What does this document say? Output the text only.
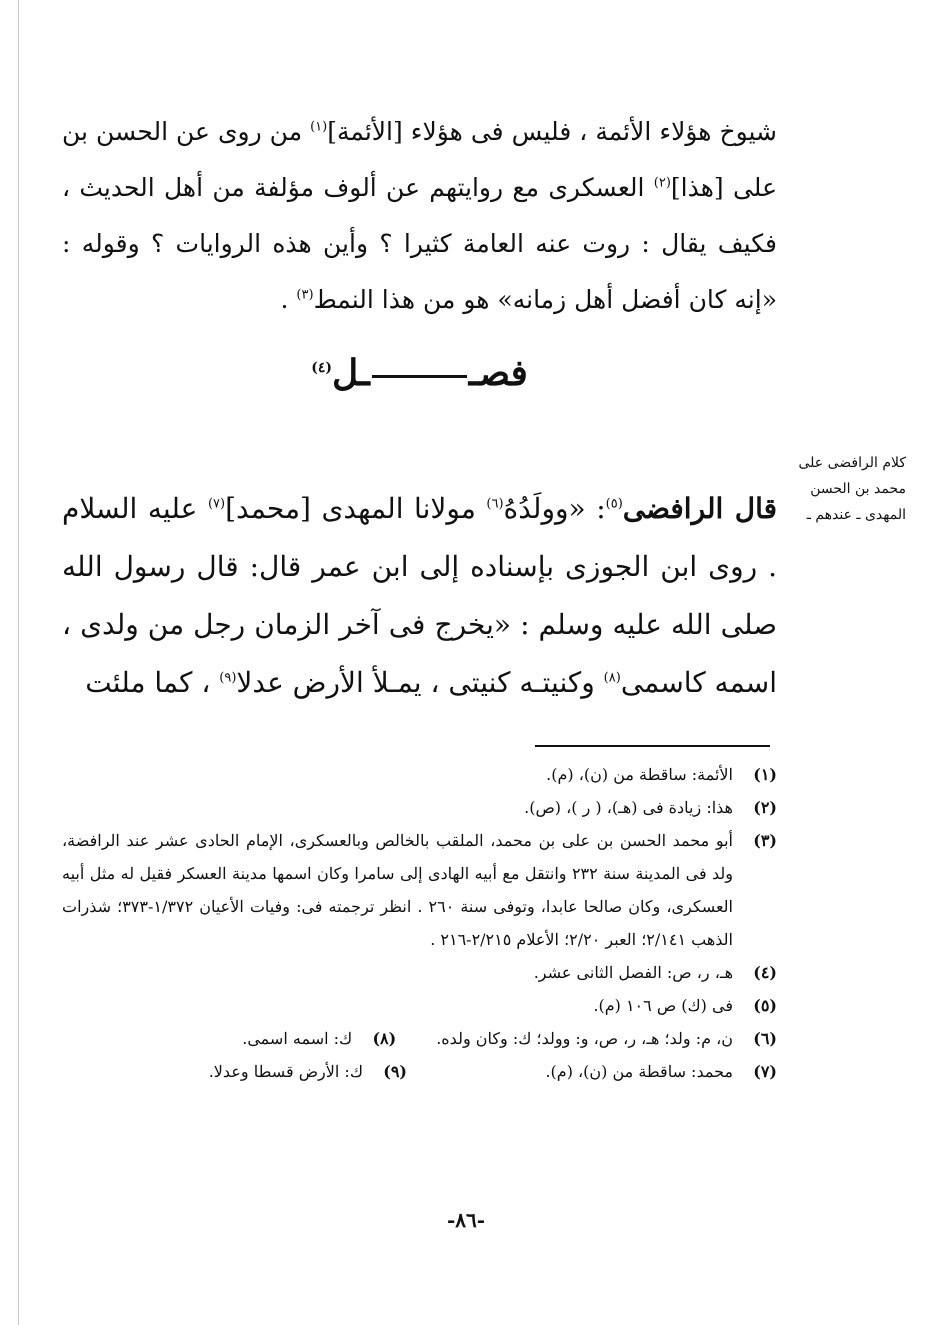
شيوخ هؤلاء الأئمة ، فليس فى هؤلاء [الأئمة]$^{(١)}$ من روى عن الحسن بن على [هذا]$^{(٢)}$ العسكرى مع روايتهم عن ألوف مؤلفة من أهل الحديث ، فكيف يقال : روت عنه العامة كثيرا ؟ وأين هذه الروايات ؟ وقوله : «إنه كان أفضل أهل زمانه» هو من هذا النمط$^{(٣)}$ .

فصــل$^{(٤)}$
كلام الرافضى على محمد بن الحسن المهدى ـ عندهم ـ

قال الرافضى$^{(٥)}$: «وولَدُهُ$^{(٦)}$ مولانا المهدى [محمد]$^{(٧)}$ عليه السلام . روى ابن الجوزى بإسناده إلى ابن عمر قال: قال رسول الله صلى الله عليه وسلم : «يخرج فى آخر الزمان رجل من ولدى ، اسمه كاسمى$^{(٨)}$ وكنيتـه كنيتى ، يمـلأ الأرض عدلا$^{(٩)}$ ، كما ملئت

(١)
الأئمة: ساقطة من (ن)، (م).
(٢)
هذا: زيادة فى (هـ)، ( ر )، (ص).
(٣)
أبو محمد الحسن بن على بن محمد، الملقب بالخالص وبالعسكرى، الإمام الحادى عشر عند الرافضة، ولد فى المدينة سنة ٢٣٢ وانتقل مع أبيه الهادى إلى سامرا وكان اسمها مدينة العسكر فقيل له مثل أبيه العسكرى، وكان صالحا عابدا، وتوفى سنة ٢٦٠ . انظر ترجمته فى: وفيات الأعيان ١/٣٧٢-٣٧٣؛ شذرات الذهب ٢/١٤١؛ العبر ٢/٢٠؛ الأعلام ٢/٢١٥-٢١٦ .
(٤)
هـ، ر، ص: الفصل الثانى عشر.
(٥)
فى (ك) ص ١٠٦ (م).
(٦)
ن، م: ولد؛ هـ، ر، ص، و: وولد؛ ك: وكان ولده.
(٨)
ك: اسمه اسمى.
(٧)
محمد: ساقطة من (ن)، (م).
(٩)
ك: الأرض قسطا وعدلا.
-٨٦-
